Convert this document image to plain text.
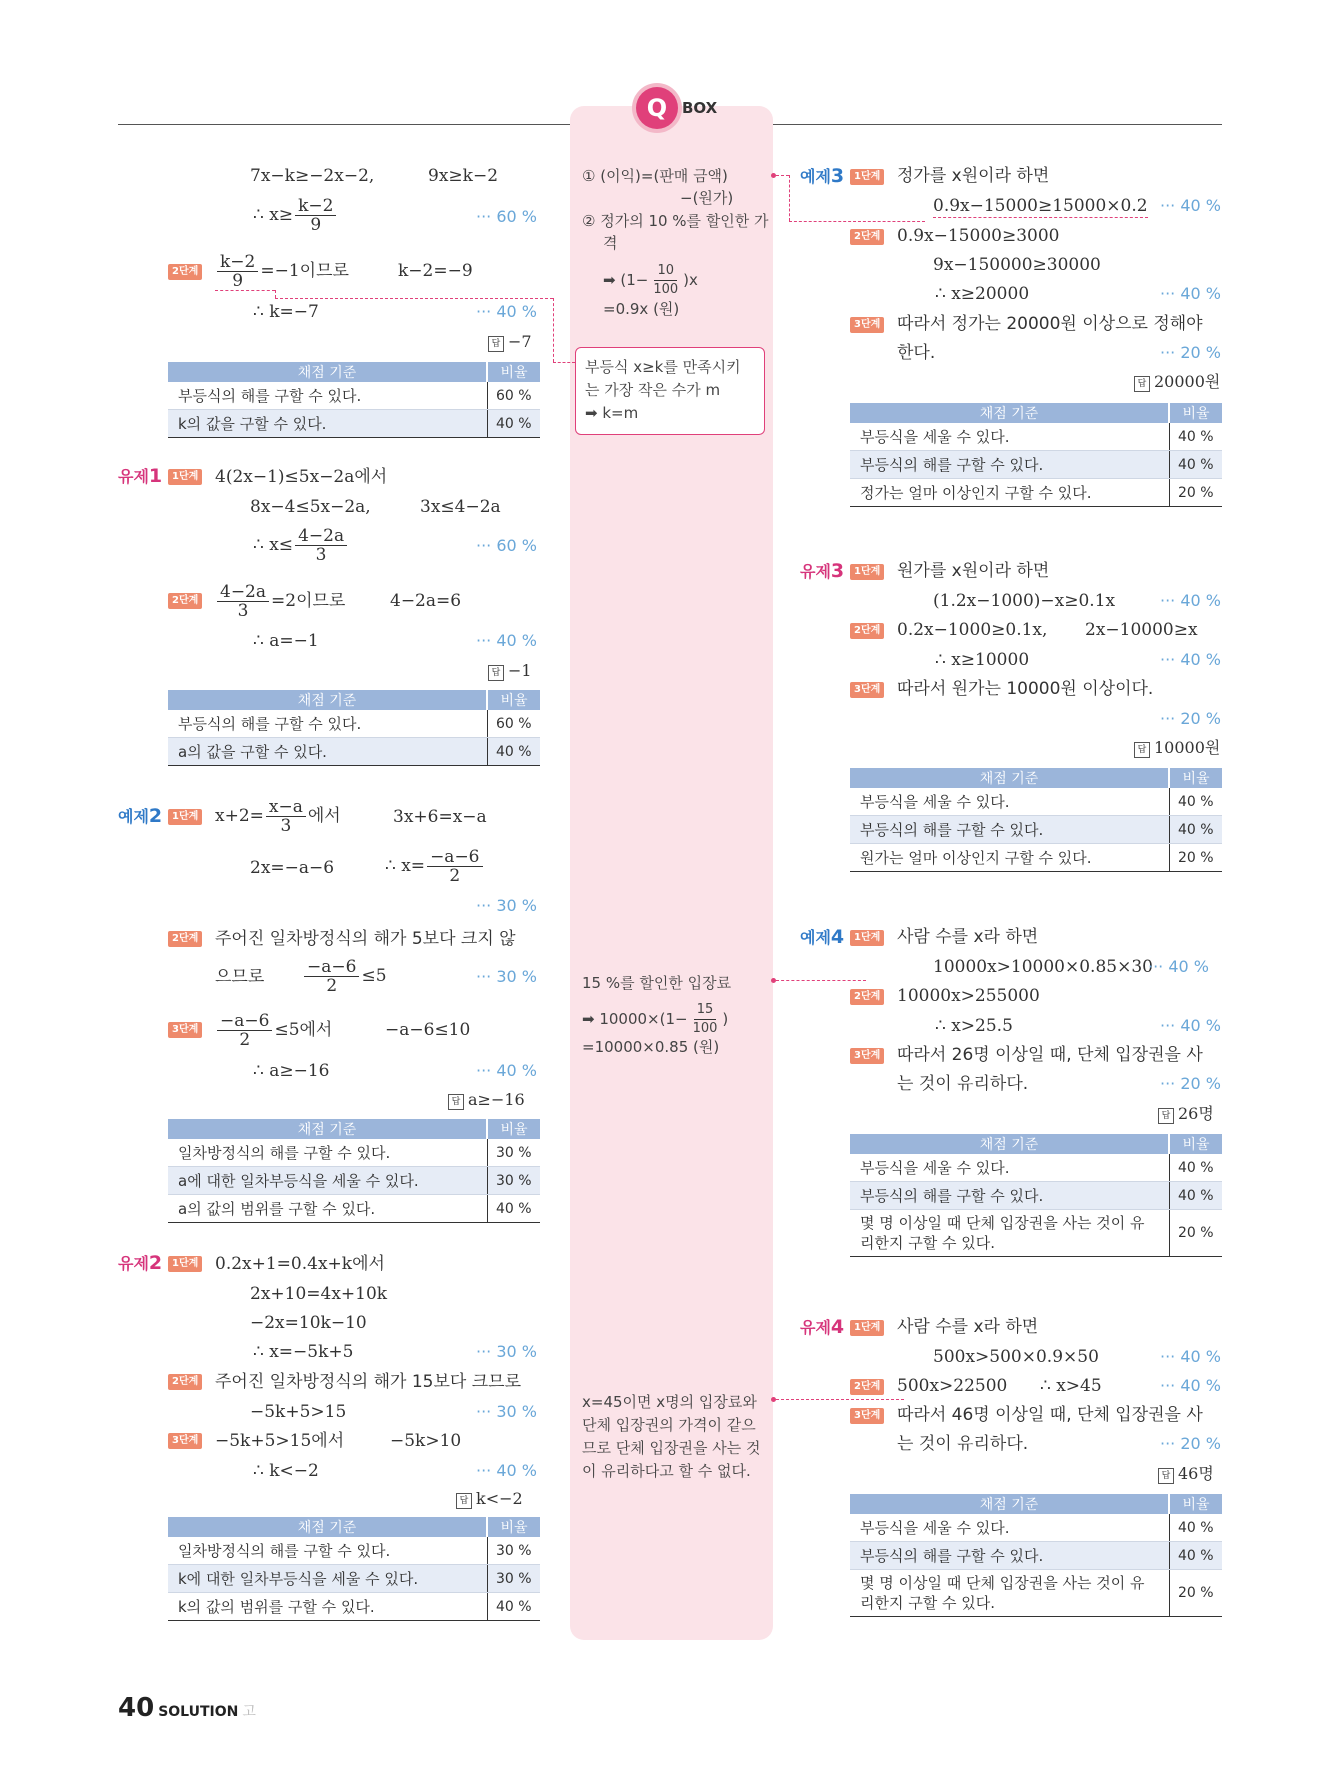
Q BOX
7x−k≥−2x−2,	9x≥k−2
∴ $x\ge \frac{k-2}{9}$	··· 60 %
2단계 $\frac{k-2}{9} =-1$이므로	k−2=−9
∴ k=−7	··· 40 %
답 −7
채점 기준	비율
부등식의 해를 구할 수 있다.	60 %
k의 값을 구할 수 있다.	40 %
유제1 1단계 4(2x−1)≤5x−2a에서
8x−4≤5x−2a,	3x≤4−2a
∴ $x\le \frac{4-2a}{3}$	··· 60 %
2단계 $\frac{4-2a}{3} =2$이므로	4−2a=6
∴ a=−1	··· 40 %
답 −1
채점 기준	비율
부등식의 해를 구할 수 있다.	60 %
a의 값을 구할 수 있다.	40 %
예제2 1단계 $x+2= \frac{x-a}{3}$ 에서	3x+6=x−a
2x=−a−6	∴ $x= \frac{-a-6}{2}$
··· 30 %
2단계 주어진 일차방정식의 해가 5보다 크지 않
으므로 $\frac{-a-6}{2} \le 5$	··· 30 %
3단계 $\frac{-a-6}{2} \le 5$에서	−a−6≤10
∴ a≥−16	··· 40 %
답 a≥−16
채점 기준	비율
일차방정식의 해를 구할 수 있다.	30 %
a에 대한 일차부등식을 세울 수 있다.	30 %
a의 값의 범위를 구할 수 있다.	40 %
유제2 1단계 0.2x+1=0.4x+k에서
2x+10=4x+10k
−2x=10k−10
∴ x=−5k+5	··· 30 %
2단계 주어진 일차방정식의 해가 15보다 크므로
−5k+5>15	··· 30 %
3단계 −5k+5>15에서	−5k>10
∴ k<−2	··· 40 %
답 k<−2
채점 기준	비율
일차방정식의 해를 구할 수 있다.	30 %
k에 대한 일차부등식을 세울 수 있다.	30 %
k의 값의 범위를 구할 수 있다.	40 %
① (이익)=(판매 금액)
−(원가)
② 정가의 10 %를 할인한 가
격
➡ $(1- \frac{10}{100} )x$
=0.9x (원)
부등식 x≥k를 만족시키
는 가장 작은 수가 m
➡ k=m
15 %를 할인한 입장료
➡ $10000\times(1- \frac{15}{100}$ )
=10000×0.85 (원)
x=45이면 x명의 입장료와
단체 입장권의 가격이 같으
므로 단체 입장권을 사는 것
이 유리하다고 할 수 없다.
예제3 1단계 정가를 x원이라 하면
0.9x−15000≥15000×0.2 ··· 40 %
2단계 0.9x−15000≥3000
9x−150000≥30000
∴ x≥20000	··· 40 %
3단계 따라서 정가는 20000원 이상으로 정해야
한다.	··· 20 %
답 20000원
채점 기준	비율
부등식을 세울 수 있다.	40 %
부등식의 해를 구할 수 있다.	40 %
정가는 얼마 이상인지 구할 수 있다.	20 %
유제3 1단계 원가를 x원이라 하면
(1.2x−1000)−x≥0.1x	··· 40 %
2단계 0.2x−1000≥0.1x, 2x−10000≥x
∴ x≥10000	··· 40 %
3단계 따라서 원가는 10000원 이상이다.
··· 20 %
답 10000원
채점 기준	비율
부등식을 세울 수 있다.	40 %
부등식의 해를 구할 수 있다.	40 %
원가는 얼마 이상인지 구할 수 있다.	20 %
예제4 1단계 사람 수를 x라 하면
10000x>10000×0.85×30
··· 40 %
2단계 10000x>255000
∴ x>25.5	··· 40 %
3단계 따라서 26명 이상일 때, 단체 입장권을 사
는 것이 유리하다.	··· 20 %
답 26명
채점 기준	비율
부등식을 세울 수 있다.	40 %
부등식의 해를 구할 수 있다.	40 %
몇 명 이상일 때 단체 입장권을 사는 것이 유
리한지 구할 수 있다.	20 %
유제4 1단계 사람 수를 x라 하면
500x>500×0.9×50	··· 40 %
2단계 500x>22500 ∴ x>45	··· 40 %
3단계 따라서 46명 이상일 때, 단체 입장권을 사
는 것이 유리하다.	··· 20 %
답 46명
채점 기준	비율
부등식을 세울 수 있다.	40 %
부등식의 해를 구할 수 있다.	40 %
몇 명 이상일 때 단체 입장권을 사는 것이 유
리한지 구할 수 있다.	20 %
40 SOLUTION 고
